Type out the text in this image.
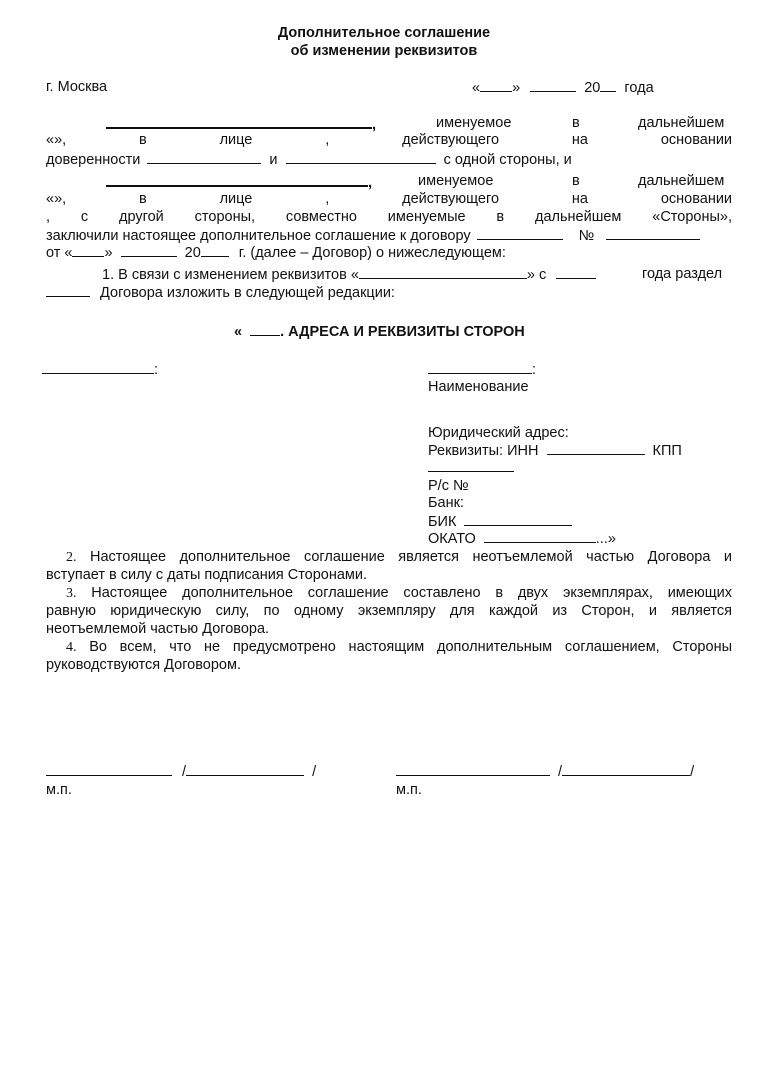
Дополнительное соглашение
об изменении реквизитов
г. Москва	« »	20 года
,	именуемое	в	дальнейшем
«»,	в	лице	,	действующего	на	основании
доверенности	и	с одной стороны, и
,	именуемое	в	дальнейшем
«»,	в	лице	,	действующего	на	основании
, с другой стороны, совместно именуемые в дальнейшем «Стороны»,
заключили настоящее дополнительное соглашение к договору	№
от « »	20	г. (далее – Договор) о нижеследующем:
1. В связи с изменением реквизитов «	» с	года раздел
Договора изложить в следующей редакции:
«	. АДРЕСА И РЕКВИЗИТЫ СТОРОН
:	:
Наименование
Юридический адрес:
Реквизиты: ИНН	КПП
Р/с №
Банк:
БИК
ОКАТО	...»
2. Настоящее дополнительное соглашение является неотъемлемой частью Договора и
вступает в силу с даты подписания Сторонами.
3. Настоящее дополнительное соглашение составлено в двух экземплярах, имеющих
равную юридическую силу, по одному экземпляру для каждой из Сторон, и является
неотъемлемой частью Договора.
4. Во всем, что не предусмотрено настоящим дополнительным соглашением, Стороны
руководствуются Договором.
/	/	/	/
м.п.	м.п.
